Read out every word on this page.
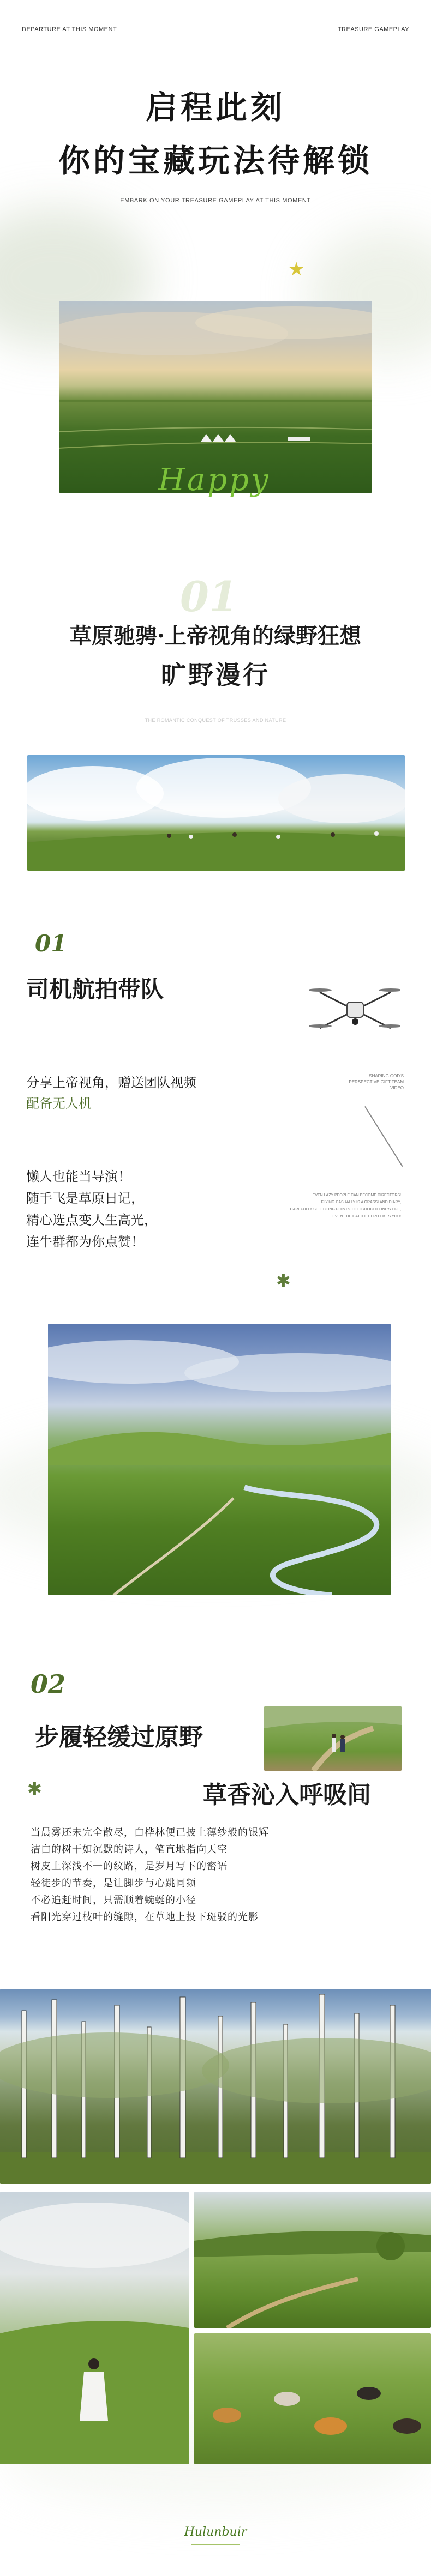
DEPARTURE AT THIS MOMENT	TREASURE GAMEPLAY
启程此刻
你的宝藏玩法待解锁
EMBARK ON YOUR TREASURE GAMEPLAY AT THIS MOMENT
★
Happy
01
草原驰骋·上帝视角的绿野狂想
旷野漫行
THE ROMANTIC CONQUEST OF TRUSSES AND NATURE
01
司机航拍带队
SHARING GOD'S
PERSPECTIVE GIFT TEAM VIDEO
分享上帝视角，赠送团队视频
配备无人机
懒人也能当导演！
随手飞是草原日记，
精心选点变人生高光，
连牛群都为你点赞！
EVEN LAZY PEOPLE CAN BECOME DIRECTORS!
FLYING CASUALLY IS A GRASSLAND DIARY,
CAREFULLY SELECTING POINTS TO HIGHLIGHT ONE'S LIFE,
EVEN THE CATTLE HERD LIKES YOU!
✱
02
步履轻缓过原野
✱	草香沁入呼吸间
当晨雾还未完全散尽，白桦林便已披上薄纱般的银辉
洁白的树干如沉默的诗人，笔直地指向天空
树皮上深浅不一的纹路，是岁月写下的密语
轻徒步的节奏，是让脚步与心跳同频
不必追赶时间，只需顺着蜿蜒的小径
看阳光穿过枝叶的缝隙，在草地上投下斑驳的光影
Hulunbuir
